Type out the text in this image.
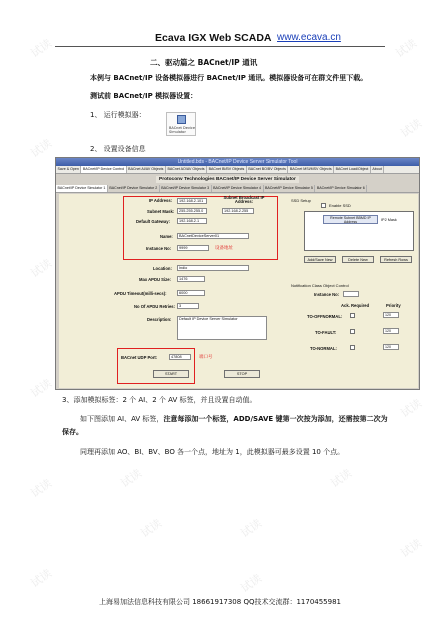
试读	试读
试读
试读
试读
试读
试读
试读
试读	试读
试读
试读
试读	试读
试读
Ecava IGX Web SCADA www.ecava.cn
二、驱动篇之 BACnet/IP 通讯
本例与 BACnet/IP 设备模拟器进行 BACnet/IP 通讯。模拟器设备可在群文件里下载。
测试前 BACnet/IP 模拟器设置：
1、 运行模拟器：
BACnet Device Simulator
2、 设置设备信息
Untitled.bds - BACnet/IP Device Server Simulator Tool
Save & Open	BACnet/IP Device Control	BACnet AI/AV Objects	BACnet AO/AV Objects	BACnet BI/BV Objects	BACnet BO/BV Objects	BACnet MSI/MSV Objects	BACnet Load/Object	About
Protoconv Technologies BACnet/IP Device Server Simulator
BACnet/IP Device Simulator 1	BACnet/IP Device Simulator 2	BACnet/IP Device Simulator 3	BACnet/IP Device Simulator 4	BACnet/IP Device Simulator 5	BACnet/IP Device Simulator 6
IP Address:	192.168.2.101
Subnet Broadcast IP Address:
Subnet Mask:	255.255.255.0	192.168.2.255
Default Gateway:	192.168.2.1
Name:	BACnetDeviceServer01
Instance No:	9999	设备地址
Location:	Indio
Max APDU Size:	1476
APDU Timeout(milli-secs):	6000
No Of APDU Retries:	3
Description:	Default IP Device Server Simulator
BACnet UDP Port:	47808	端口号
START	STOP
SSD Setup
Enable SSD
Remote Subnet BBMD IP Address	IP2 Mask
Add/Save New	Delete New	Refresh Rows
Notification Class Object Control
Instance No:
Ack. Required	Priority
TO-OFFNORMAL:	120
TO-FAULT:	120
TO-NORMAL:	120
3、添加模拟标签：2 个 AI、2 个 AV 标签，并且设置自动值。
如下图添加 AI、AV 标签，注意每添加一个标签，ADD/SAVE 键第一次按为添加，还需按第二次为保存。
同理再添加 AO、BI、BV、BO 各一个点，地址为 1，此模拟器可最多设置 10 个点。
上海易加法信息科技有限公司 18661917308 QQ技术交流群：1170455981
